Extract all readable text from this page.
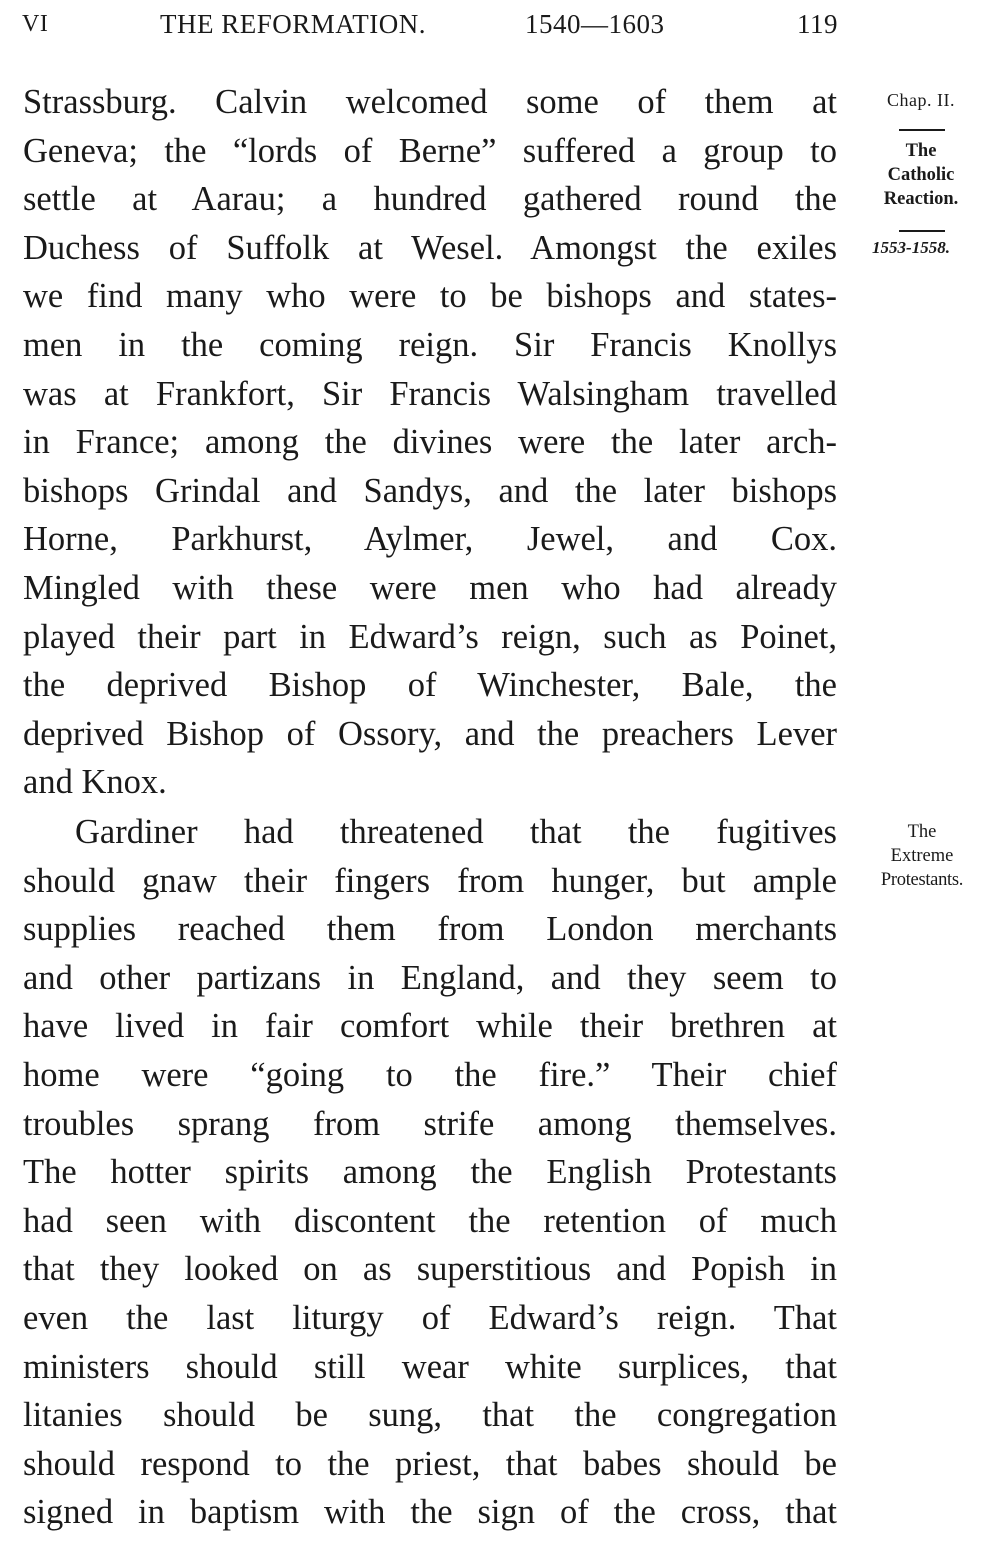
VI	THE REFORMATION.	1540—1603	119
Strassburg. Calvin welcomed some of them at
Geneva; the “lords of Berne” suffered a group to
settle at Aarau; a hundred gathered round the
Duchess of Suffolk at Wesel. Amongst the exiles
we find many who were to be bishops and states-
men in the coming reign. Sir Francis Knollys
was at Frankfort, Sir Francis Walsingham travelled
in France; among the divines were the later arch-
bishops Grindal and Sandys, and the later bishops
Horne, Parkhurst, Aylmer, Jewel, and Cox.
Mingled with these were men who had already
played their part in Edward’s reign, such as Poinet,
the deprived Bishop of Winchester, Bale, the
deprived Bishop of Ossory, and the preachers Lever
and Knox.
Gardiner had threatened that the fugitives
should gnaw their fingers from hunger, but ample
supplies reached them from London merchants
and other partizans in England, and they seem to
have lived in fair comfort while their brethren at
home were “going to the fire.” Their chief
troubles sprang from strife among themselves.
The hotter spirits among the English Protestants
had seen with discontent the retention of much
that they looked on as superstitious and Popish in
even the last liturgy of Edward’s reign. That
ministers should still wear white surplices, that
litanies should be sung, that the congregation
should respond to the priest, that babes should be
signed in baptism with the sign of the cross, that
Chap. II.
The
Catholic
Reaction.
1553-1558.
The
Extreme
Protestants.
